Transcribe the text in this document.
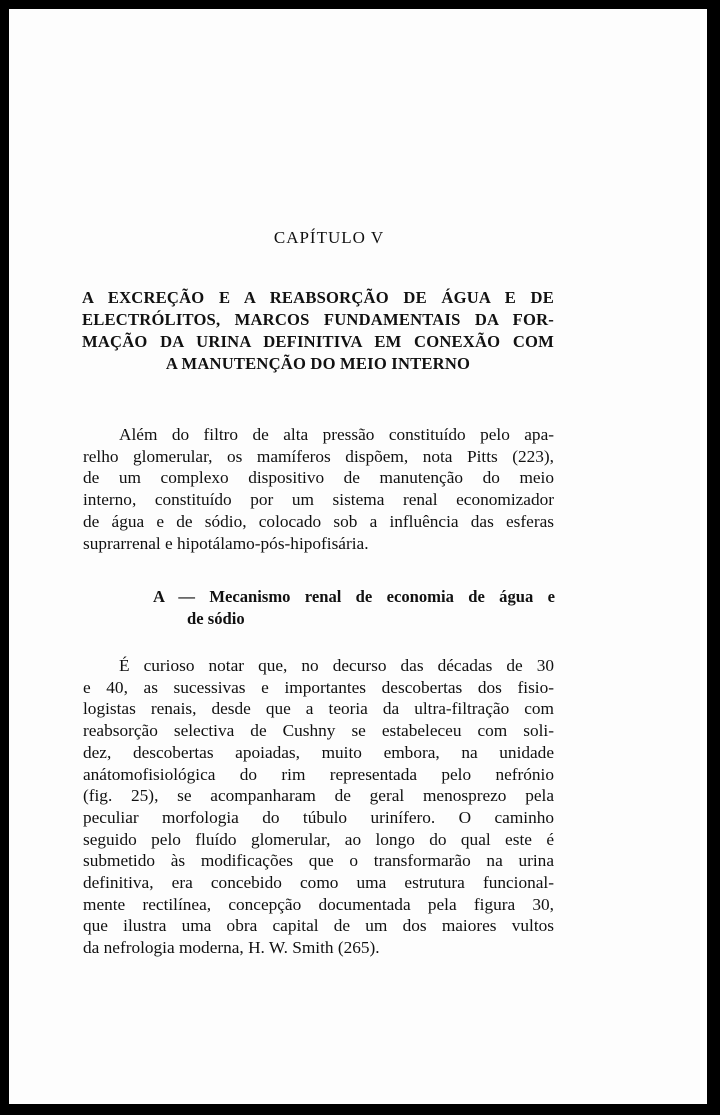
CAPÍTULO V
A EXCREÇÃO E A REABSORÇÃO DE ÁGUA E DE
ELECTRÓLITOS, MARCOS FUNDAMENTAIS DA FOR-
MAÇÃO DA URINA DEFINITIVA EM CONEXÃO COM
A MANUTENÇÃO DO MEIO INTERNO
Além do filtro de alta pressão constituído pelo apa-
relho glomerular, os mamíferos dispõem, nota Pitts (223),
de um complexo dispositivo de manutenção do meio
interno, constituído por um sistema renal economizador
de água e de sódio, colocado sob a influência das esferas
suprarrenal e hipotálamo-pós-hipofisária.
A — Mecanismo renal de economia de água e
de sódio
É curioso notar que, no decurso das décadas de 30
e 40, as sucessivas e importantes descobertas dos fisio-
logistas renais, desde que a teoria da ultra-filtração com
reabsorção selectiva de Cushny se estabeleceu com soli-
dez, descobertas apoiadas, muito embora, na unidade
anátomofisiológica do rim representada pelo nefrónio
(fig. 25), se acompanharam de geral menosprezo pela
peculiar morfologia do túbulo urinífero. O caminho
seguido pelo fluído glomerular, ao longo do qual este é
submetido às modificações que o transformarão na urina
definitiva, era concebido como uma estrutura funcional-
mente rectilínea, concepção documentada pela figura 30,
que ilustra uma obra capital de um dos maiores vultos
da nefrologia moderna, H. W. Smith (265).
